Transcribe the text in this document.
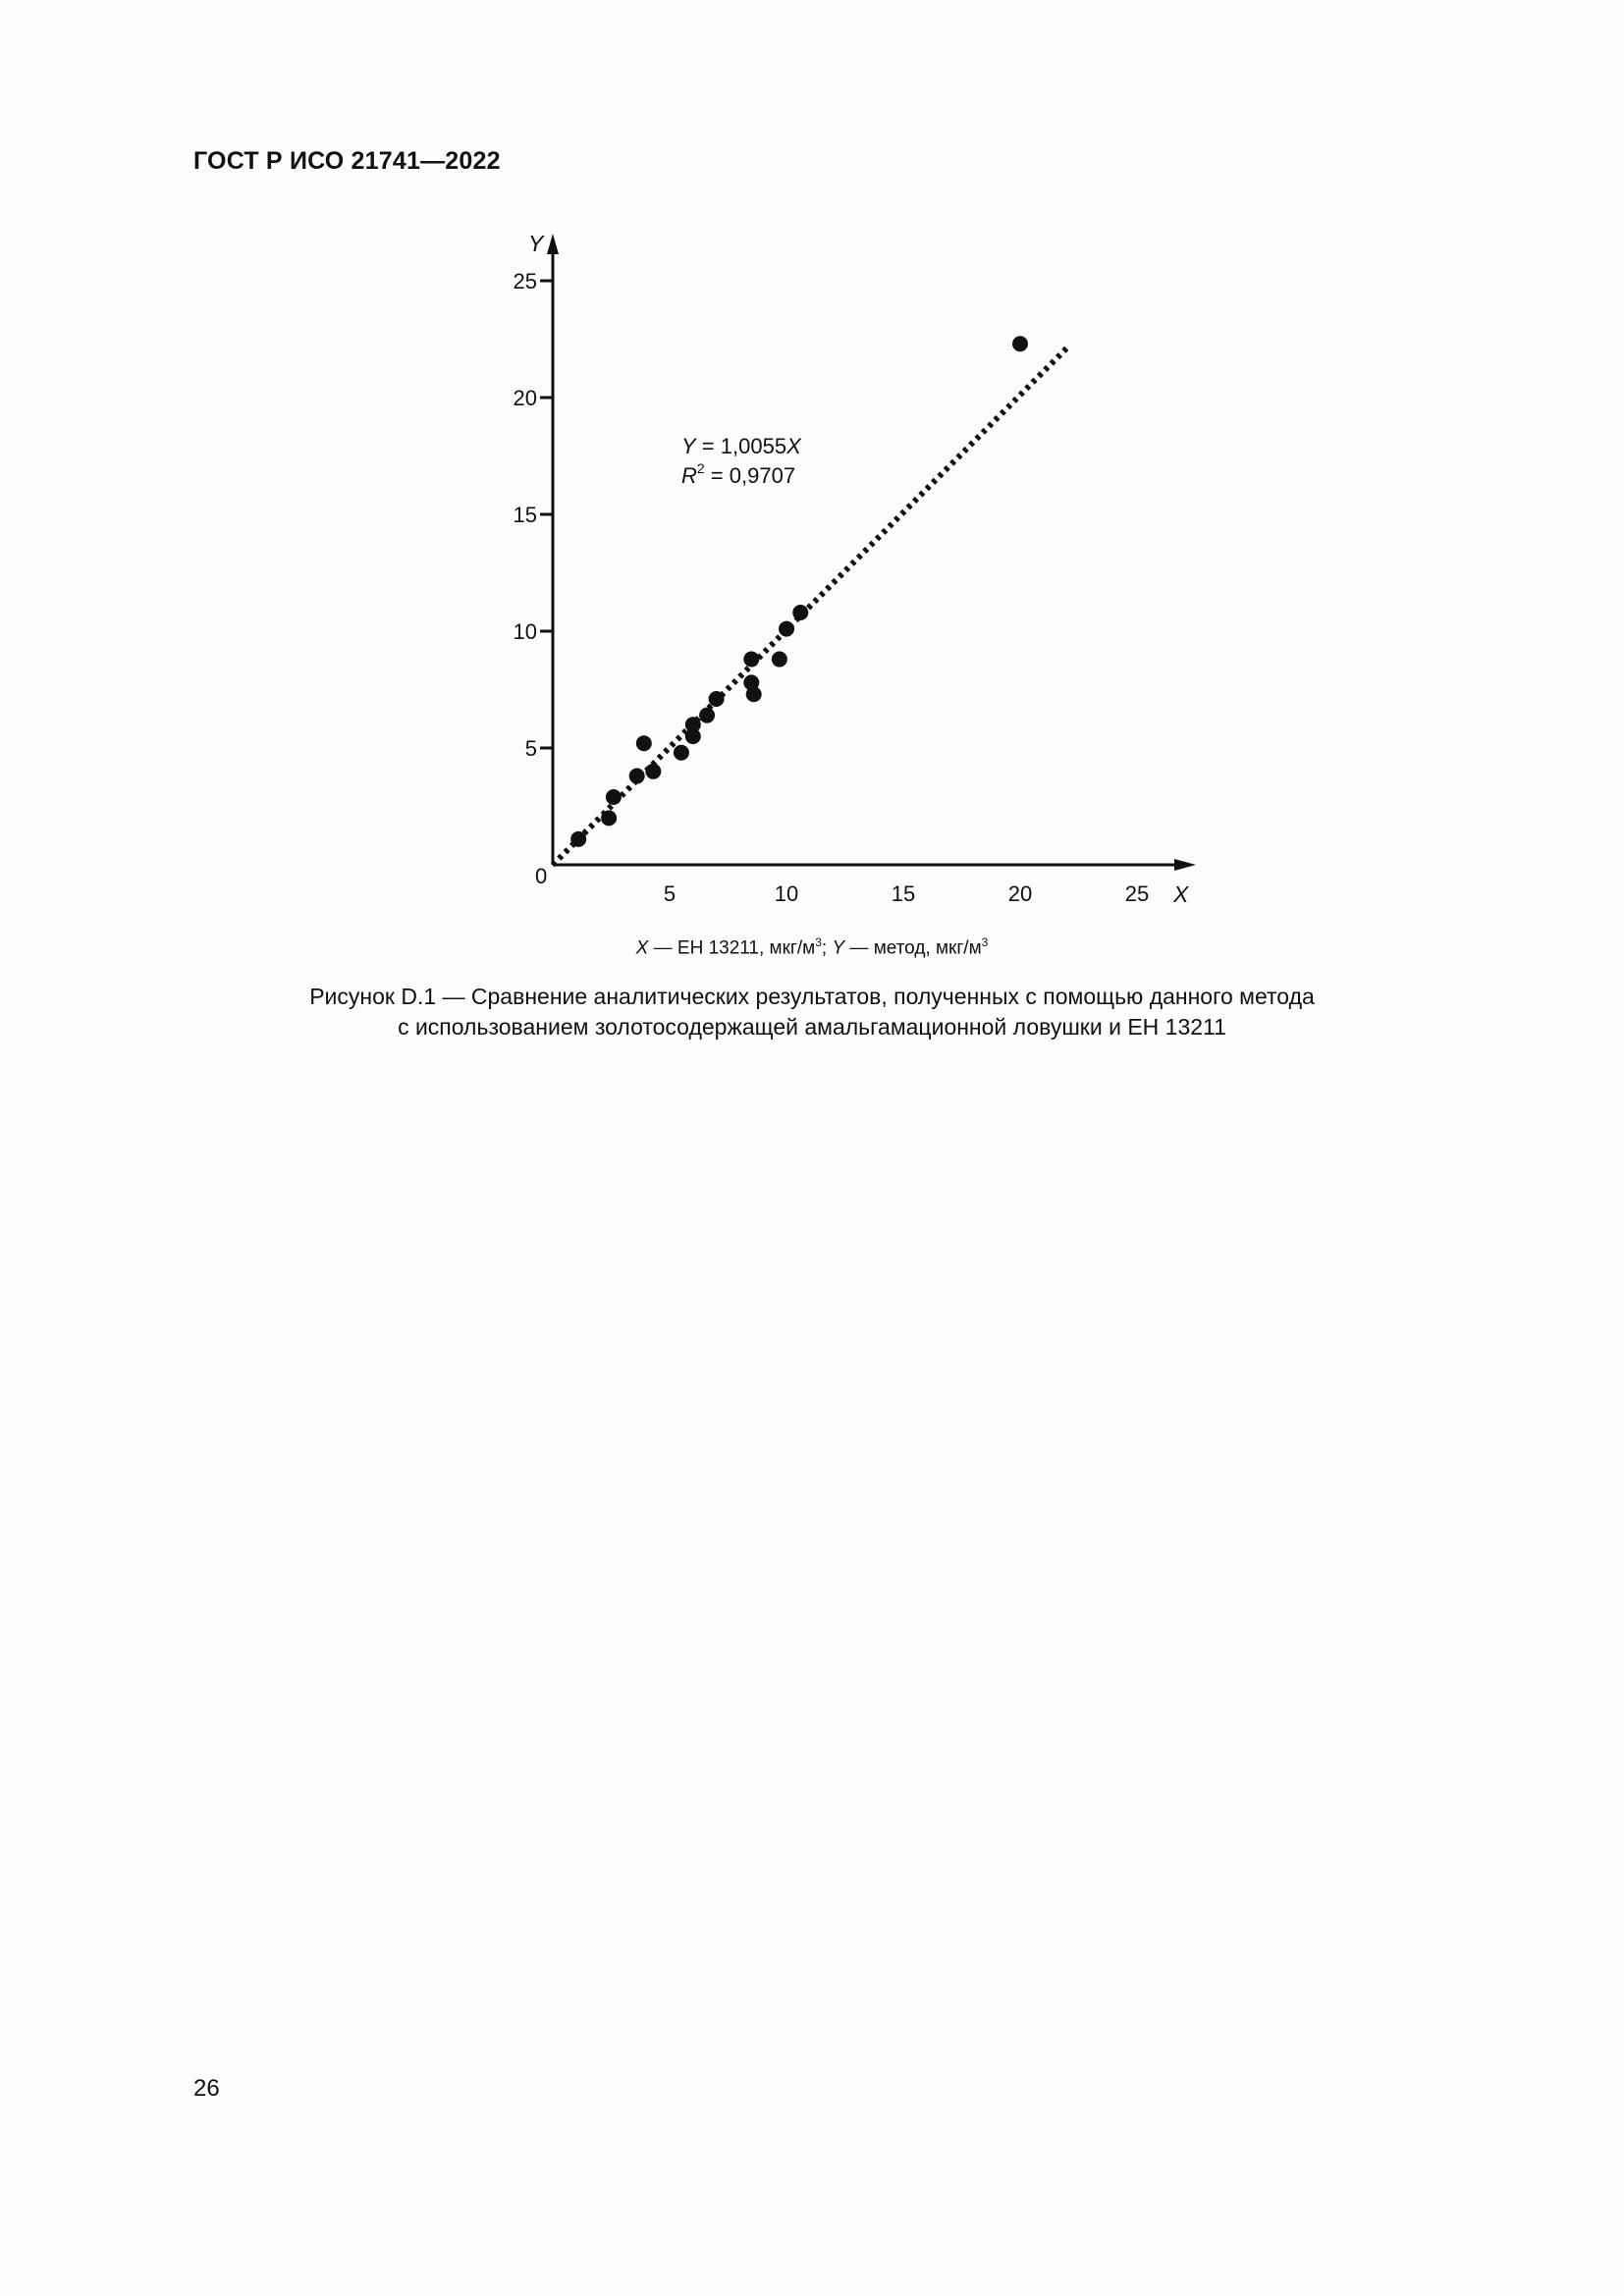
ГОСТ Р ИСО 21741—2022
Y
X
0
5	10	15	20	25
5
10
15
20
25
Y = 1,0055X
$R^2 = 0,9707$
X — ЕН 13211, мкг/$м^3$; Y — метод, мкг/$м^3$
Рисунок D.1 — Сравнение аналитических результатов, полученных с помощью данного метода
с использованием золотосодержащей амальгамационной ловушки и ЕН 13211
26
